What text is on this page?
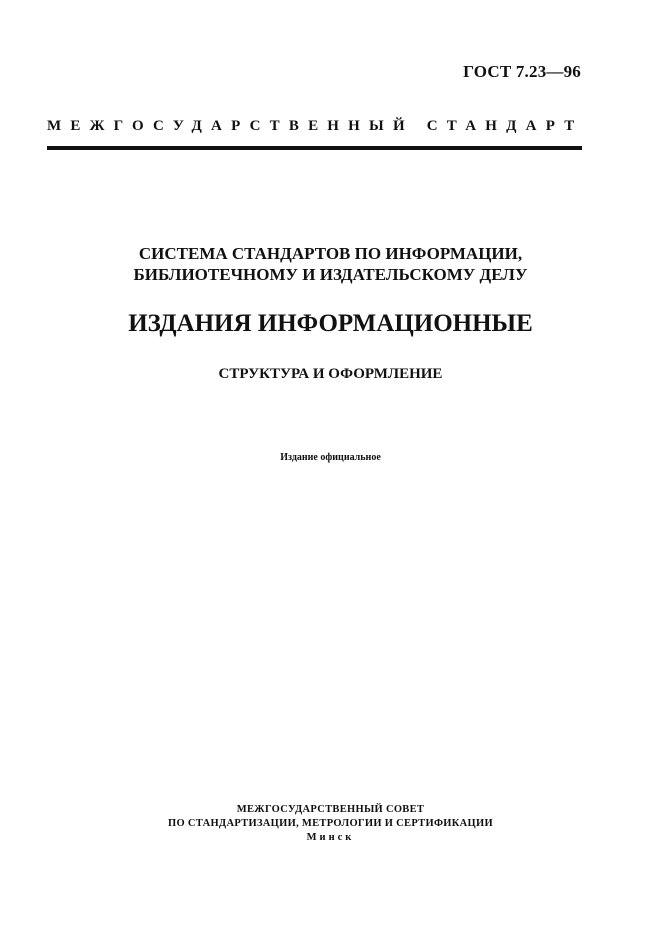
ГОСТ 7.23—96
МЕЖГОСУДАРСТВЕННЫЙ СТАНДАРТ
СИСТЕМА СТАНДАРТОВ ПО ИНФОРМАЦИИ,
БИБЛИОТЕЧНОМУ И ИЗДАТЕЛЬСКОМУ ДЕЛУ
ИЗДАНИЯ ИНФОРМАЦИОННЫЕ
СТРУКТУРА И ОФОРМЛЕНИЕ
Издание официальное
МЕЖГОСУДАРСТВЕННЫЙ СОВЕТ
ПО СТАНДАРТИЗАЦИИ, МЕТРОЛОГИИ И СЕРТИФИКАЦИИ
Минск
